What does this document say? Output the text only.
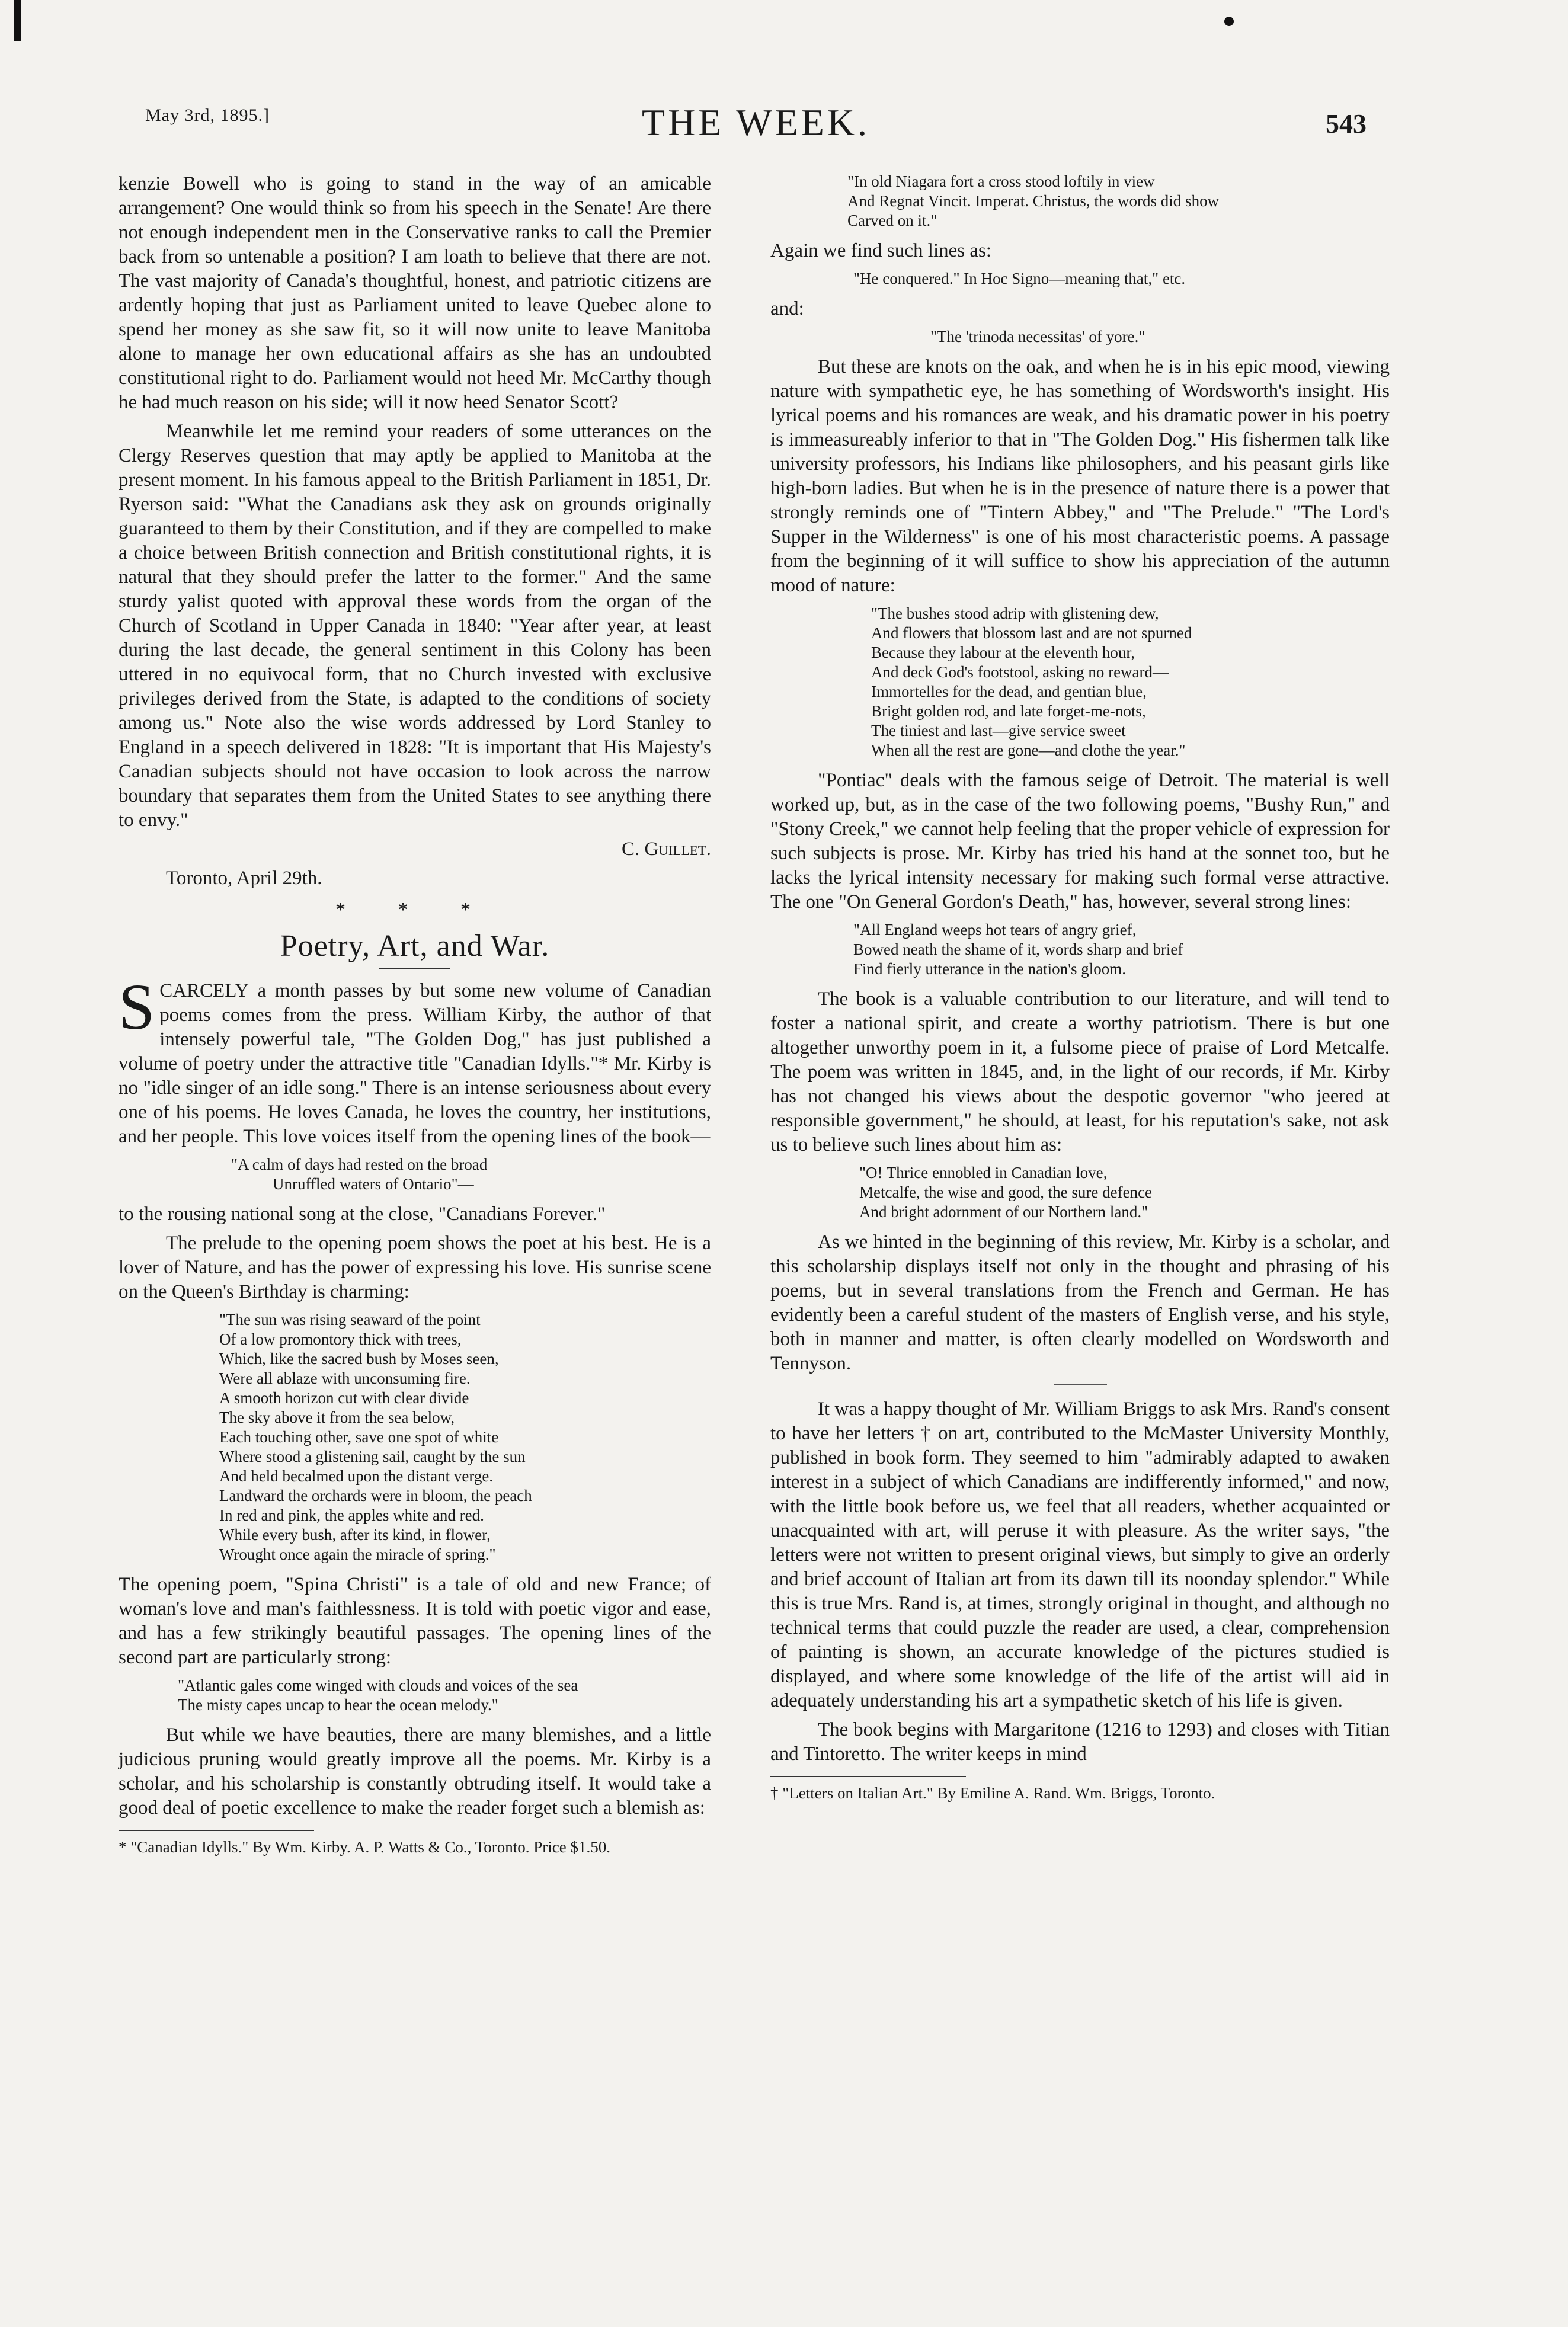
May 3rd, 1895.]	THE WEEK.	543

kenzie Bowell who is going to stand in the way of an amicable arrangement? One would think so from his speech in the Senate! Are there not enough independent men in the Conservative ranks to call the Premier back from so untenable a position? I am loath to believe that there are not. The vast majority of Canada's thoughtful, honest, and patriotic citizens are ardently hoping that just as Parliament united to leave Quebec alone to spend her money as she saw fit, so it will now unite to leave Manitoba alone to manage her own educational affairs as she has an undoubted constitutional right to do. Parliament would not heed Mr. McCarthy though he had much reason on his side; will it now heed Senator Scott?

Meanwhile let me remind your readers of some utterances on the Clergy Reserves question that may aptly be applied to Manitoba at the present moment. In his famous appeal to the British Parliament in 1851, Dr. Ryerson said: "What the Canadians ask they ask on grounds originally guaranteed to them by their Constitution, and if they are compelled to make a choice between British connection and British constitutional rights, it is natural that they should prefer the latter to the former." And the same sturdy yalist quoted with approval these words from the organ of the Church of Scotland in Upper Canada in 1840: "Year after year, at least during the last decade, the general sentiment in this Colony has been uttered in no equivocal form, that no Church invested with exclusive privileges derived from the State, is adapted to the conditions of society among us." Note also the wise words addressed by Lord Stanley to England in a speech delivered in 1828: "It is important that His Majesty's Canadian subjects should not have occasion to look across the narrow boundary that separates them from the United States to see anything there to envy."

C. Guillet.
Toronto, April 29th.
* * *
Poetry, Art, and War.
SCARCELY a month passes by but some new volume of Canadian poems comes from the press. William Kirby, the author of that intensely powerful tale, "The Golden Dog," has just published a volume of poetry under the attractive title "Canadian Idylls."* Mr. Kirby is no "idle singer of an idle song." There is an intense seriousness about every one of his poems. He loves Canada, he loves the country, her institutions, and her people. This love voices itself from the opening lines of the book—
"A calm of days had rested on the broad
Unruffled waters of Ontario"—

to the rousing national song at the close, "Canadians Forever."

The prelude to the opening poem shows the poet at his best. He is a lover of Nature, and has the power of expressing his love. His sunrise scene on the Queen's Birthday is charming:

"The sun was rising seaward of the point
Of a low promontory thick with trees,
Which, like the sacred bush by Moses seen,
Were all ablaze with unconsuming fire.
A smooth horizon cut with clear divide
The sky above it from the sea below,
Each touching other, save one spot of white
Where stood a glistening sail, caught by the sun
And held becalmed upon the distant verge.
Landward the orchards were in bloom, the peach
In red and pink, the apples white and red.
While every bush, after its kind, in flower,
Wrought once again the miracle of spring."

The opening poem, "Spina Christi" is a tale of old and new France; of woman's love and man's faithlessness. It is told with poetic vigor and ease, and has a few strikingly beautiful passages. The opening lines of the second part are particularly strong:

"Atlantic gales come winged with clouds and voices of the sea
The misty capes uncap to hear the ocean melody."

But while we have beauties, there are many blemishes, and a little judicious pruning would greatly improve all the poems. Mr. Kirby is a scholar, and his scholarship is constantly obtruding itself. It would take a good deal of poetic excellence to make the reader forget such a blemish as:

* "Canadian Idylls." By Wm. Kirby. A. P. Watts & Co., Toronto. Price $1.50.
"In old Niagara fort a cross stood loftily in view
And Regnat Vincit. Imperat. Christus, the words did show
Carved on it."

Again we find such lines as:

"He conquered." In Hoc Signo—meaning that," etc.

and:

"The 'trinoda necessitas' of yore."

But these are knots on the oak, and when he is in his epic mood, viewing nature with sympathetic eye, he has something of Wordsworth's insight. His lyrical poems and his romances are weak, and his dramatic power in his poetry is immeasureably inferior to that in "The Golden Dog." His fishermen talk like university professors, his Indians like philosophers, and his peasant girls like high-born ladies. But when he is in the presence of nature there is a power that strongly reminds one of "Tintern Abbey," and "The Prelude." "The Lord's Supper in the Wilderness" is one of his most characteristic poems. A passage from the beginning of it will suffice to show his appreciation of the autumn mood of nature:

"The bushes stood adrip with glistening dew,
And flowers that blossom last and are not spurned
Because they labour at the eleventh hour,
And deck God's footstool, asking no reward—
Immortelles for the dead, and gentian blue,
Bright golden rod, and late forget-me-nots,
The tiniest and last—give service sweet
When all the rest are gone—and clothe the year."

"Pontiac" deals with the famous seige of Detroit. The material is well worked up, but, as in the case of the two following poems, "Bushy Run," and "Stony Creek," we cannot help feeling that the proper vehicle of expression for such subjects is prose. Mr. Kirby has tried his hand at the sonnet too, but he lacks the lyrical intensity necessary for making such formal verse attractive. The one "On General Gordon's Death," has, however, several strong lines:

"All England weeps hot tears of angry grief,
Bowed neath the shame of it, words sharp and brief
Find fierly utterance in the nation's gloom.

The book is a valuable contribution to our literature, and will tend to foster a national spirit, and create a worthy patriotism. There is but one altogether unworthy poem in it, a fulsome piece of praise of Lord Metcalfe. The poem was written in 1845, and, in the light of our records, if Mr. Kirby has not changed his views about the despotic governor "who jeered at responsible government," he should, at least, for his reputation's sake, not ask us to believe such lines about him as:

"O! Thrice ennobled in Canadian love,
Metcalfe, the wise and good, the sure defence
And bright adornment of our Northern land."

As we hinted in the beginning of this review, Mr. Kirby is a scholar, and this scholarship displays itself not only in the thought and phrasing of his poems, but in several translations from the French and German. He has evidently been a careful student of the masters of English verse, and his style, both in manner and matter, is often clearly modelled on Wordsworth and Tennyson.

It was a happy thought of Mr. William Briggs to ask Mrs. Rand's consent to have her letters † on art, contributed to the McMaster University Monthly, published in book form. They seemed to him "admirably adapted to awaken interest in a subject of which Canadians are indifferently informed," and now, with the little book before us, we feel that all readers, whether acquainted or unacquainted with art, will peruse it with pleasure. As the writer says, "the letters were not written to present original views, but simply to give an orderly and brief account of Italian art from its dawn till its noonday splendor." While this is true Mrs. Rand is, at times, strongly original in thought, and although no technical terms that could puzzle the reader are used, a clear, comprehension of painting is shown, an accurate knowledge of the pictures studied is displayed, and where some knowledge of the life of the artist will aid in adequately understanding his art a sympathetic sketch of his life is given.

The book begins with Margaritone (1216 to 1293) and closes with Titian and Tintoretto. The writer keeps in mind

† "Letters on Italian Art." By Emiline A. Rand. Wm. Briggs, Toronto.
